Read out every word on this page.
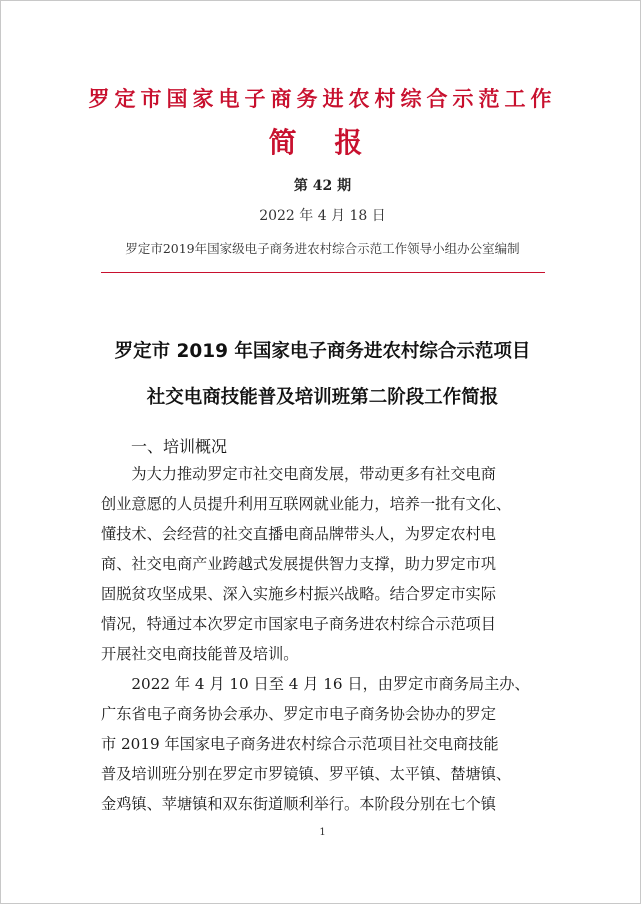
罗定市国家电子商务进农村综合示范工作
简 报
第 42 期
2022 年 4 月 18 日
罗定市2019年国家级电子商务进农村综合示范工作领导小组办公室编制
罗定市 2019 年国家电子商务进农村综合示范项目
社交电商技能普及培训班第二阶段工作简报
一、培训概况
　　为大力推动罗定市社交电商发展，带动更多有社交电商
创业意愿的人员提升利用互联网就业能力，培养一批有文化、
懂技术、会经营的社交直播电商品牌带头人，为罗定农村电
商、社交电商产业跨越式发展提供智力支撑，助力罗定市巩
固脱贫攻坚成果、深入实施乡村振兴战略。结合罗定市实际
情况，特通过本次罗定市国家电子商务进农村综合示范项目
开展社交电商技能普及培训。
　　2022 年 4 月 10 日至 4 月 16 日，由罗定市商务局主办、
广东省电子商务协会承办、罗定市电子商务协会协办的罗定
市 2019 年国家电子商务进农村综合示范项目社交电商技能
普及培训班分别在罗定市罗镜镇、罗平镇、太平镇、榃塘镇、
金鸡镇、苹塘镇和双东街道顺利举行。本阶段分别在七个镇
1
